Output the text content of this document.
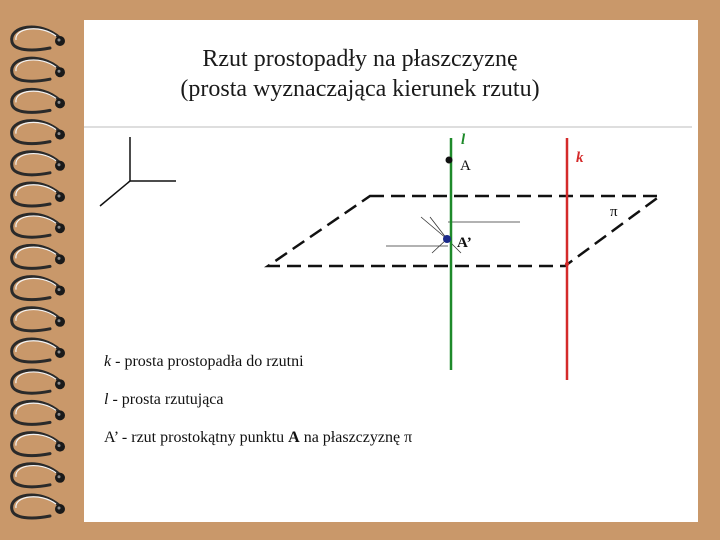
Rzut prostopadły na płaszczyznę
(prosta wyznaczająca kierunek rzutu)
l
A	k
π
A’
k - prosta prostopadła do rzutni
l - prosta rzutująca
A’ - rzut prostokątny punktu A na płaszczyznę π
